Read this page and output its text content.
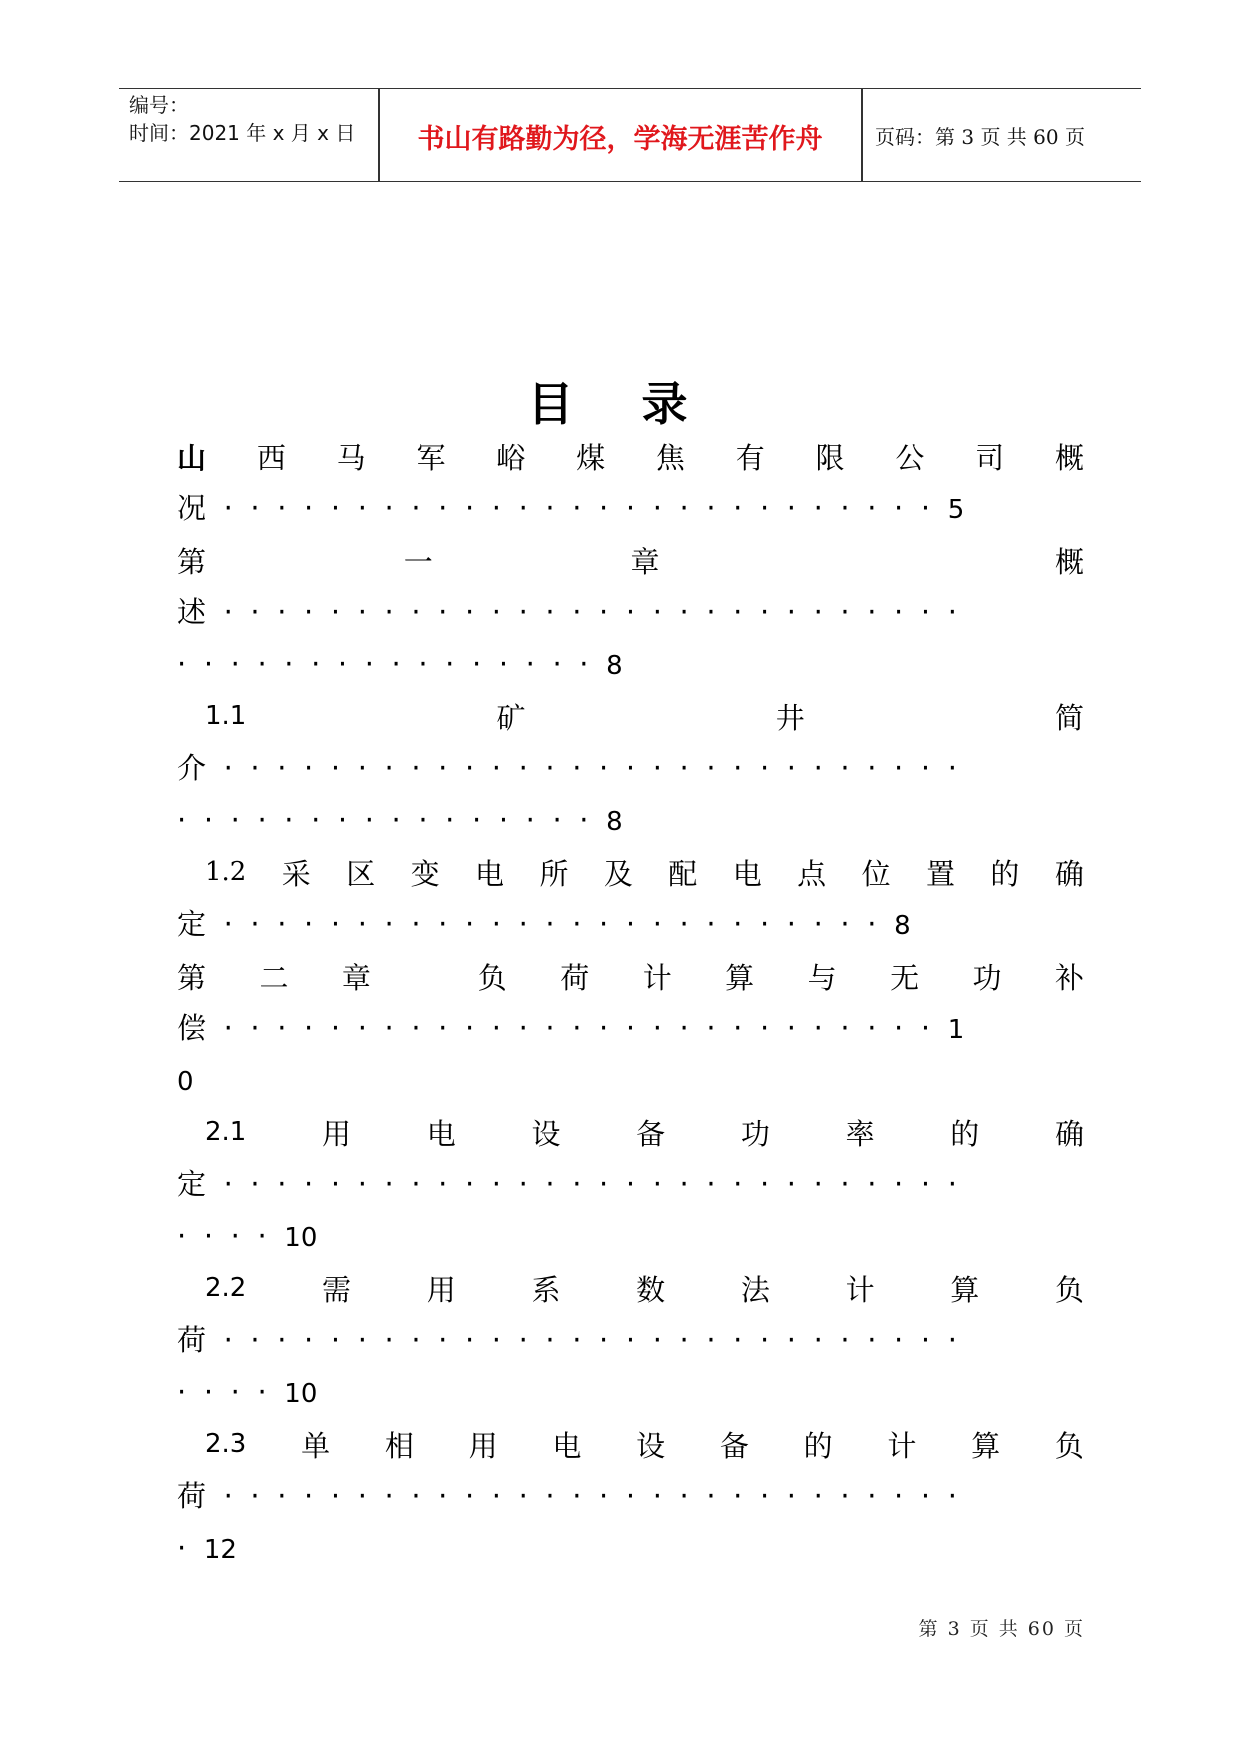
编号：
时间：2021 年 x 月 x 日	书山有路勤为径，学海无涯苦作舟	页码：第 3 页 共 60 页
目 录
山 西 马 军 峪 煤 焦 有 限 公 司 概
况···························5
第	一	章	概
述····························
················8
1.1	矿	井	简
介····························
················8
1.2 采 区 变 电 所 及 配 电 点 位 置 的 确
定·························8
第 二 章	负 荷 计 算 与 无 功 补
偿···························1
0
2.1	用	电	设	备	功	率	的	确
定····························
····10
2.2	需	用	系	数	法	计	算	负
荷····························
····10
2.3 单 相 用 电 设 备 的 计 算 负
荷····························
·12
第 3 页 共 60 页
